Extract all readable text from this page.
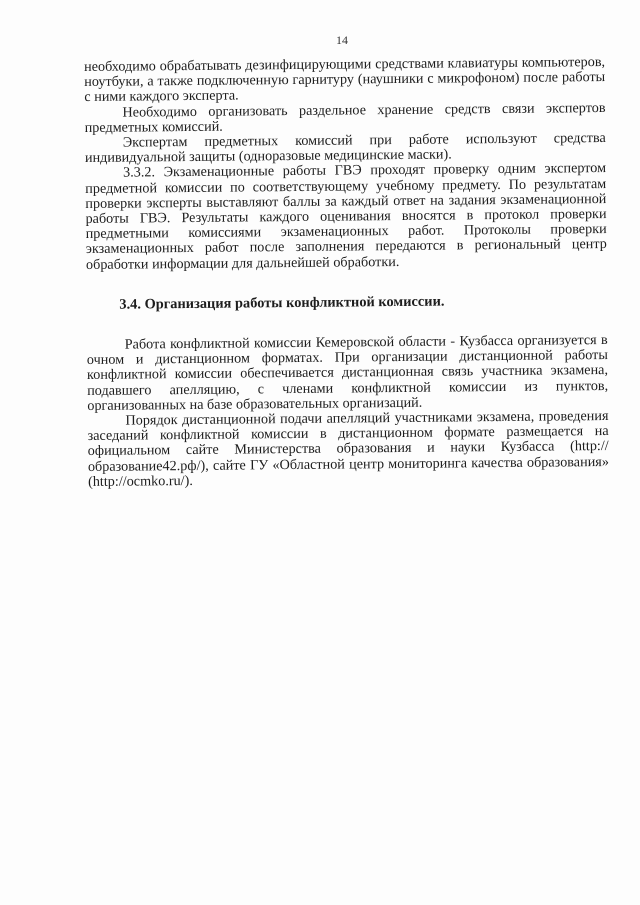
14

необходимо обрабатывать дезинфицирующими средствами клавиатуры компьютеров, ноутбуки, а также подключенную гарнитуру (наушники с микрофоном) после работы с ними каждого эксперта.

Необходимо организовать раздельное хранение средств связи экспертов предметных комиссий.

Экспертам предметных комиссий при работе используют средства индивидуальной защиты (одноразовые медицинские маски).

3.3.2. Экзаменационные работы ГВЭ проходят проверку одним экспертом предметной комиссии по соответствующему учебному предмету. По результатам проверки эксперты выставляют баллы за каждый ответ на задания экзаменационной работы ГВЭ. Результаты каждого оценивания вносятся в протокол проверки предметными комиссиями экзаменационных работ. Протоколы проверки экзаменационных работ после заполнения передаются в региональный центр обработки информации для дальнейшей обработки.

3.4. Организация работы конфликтной комиссии.

Работа конфликтной комиссии Кемеровской области - Кузбасса организуется в очном и дистанционном форматах. При организации дистанционной работы конфликтной комиссии обеспечивается дистанционная связь участника экзамена, подавшего апелляцию, с членами конфликтной комиссии из пунктов, организованных на базе образовательных организаций.

Порядок дистанционной подачи апелляций участниками экзамена, проведения заседаний конфликтной комиссии в дистанционном формате размещается на официальном сайте Министерства образования и науки Кузбасса (http://образование42.рф/), сайте ГУ «Областной центр мониторинга качества образования» (http://ocmko.ru/).
